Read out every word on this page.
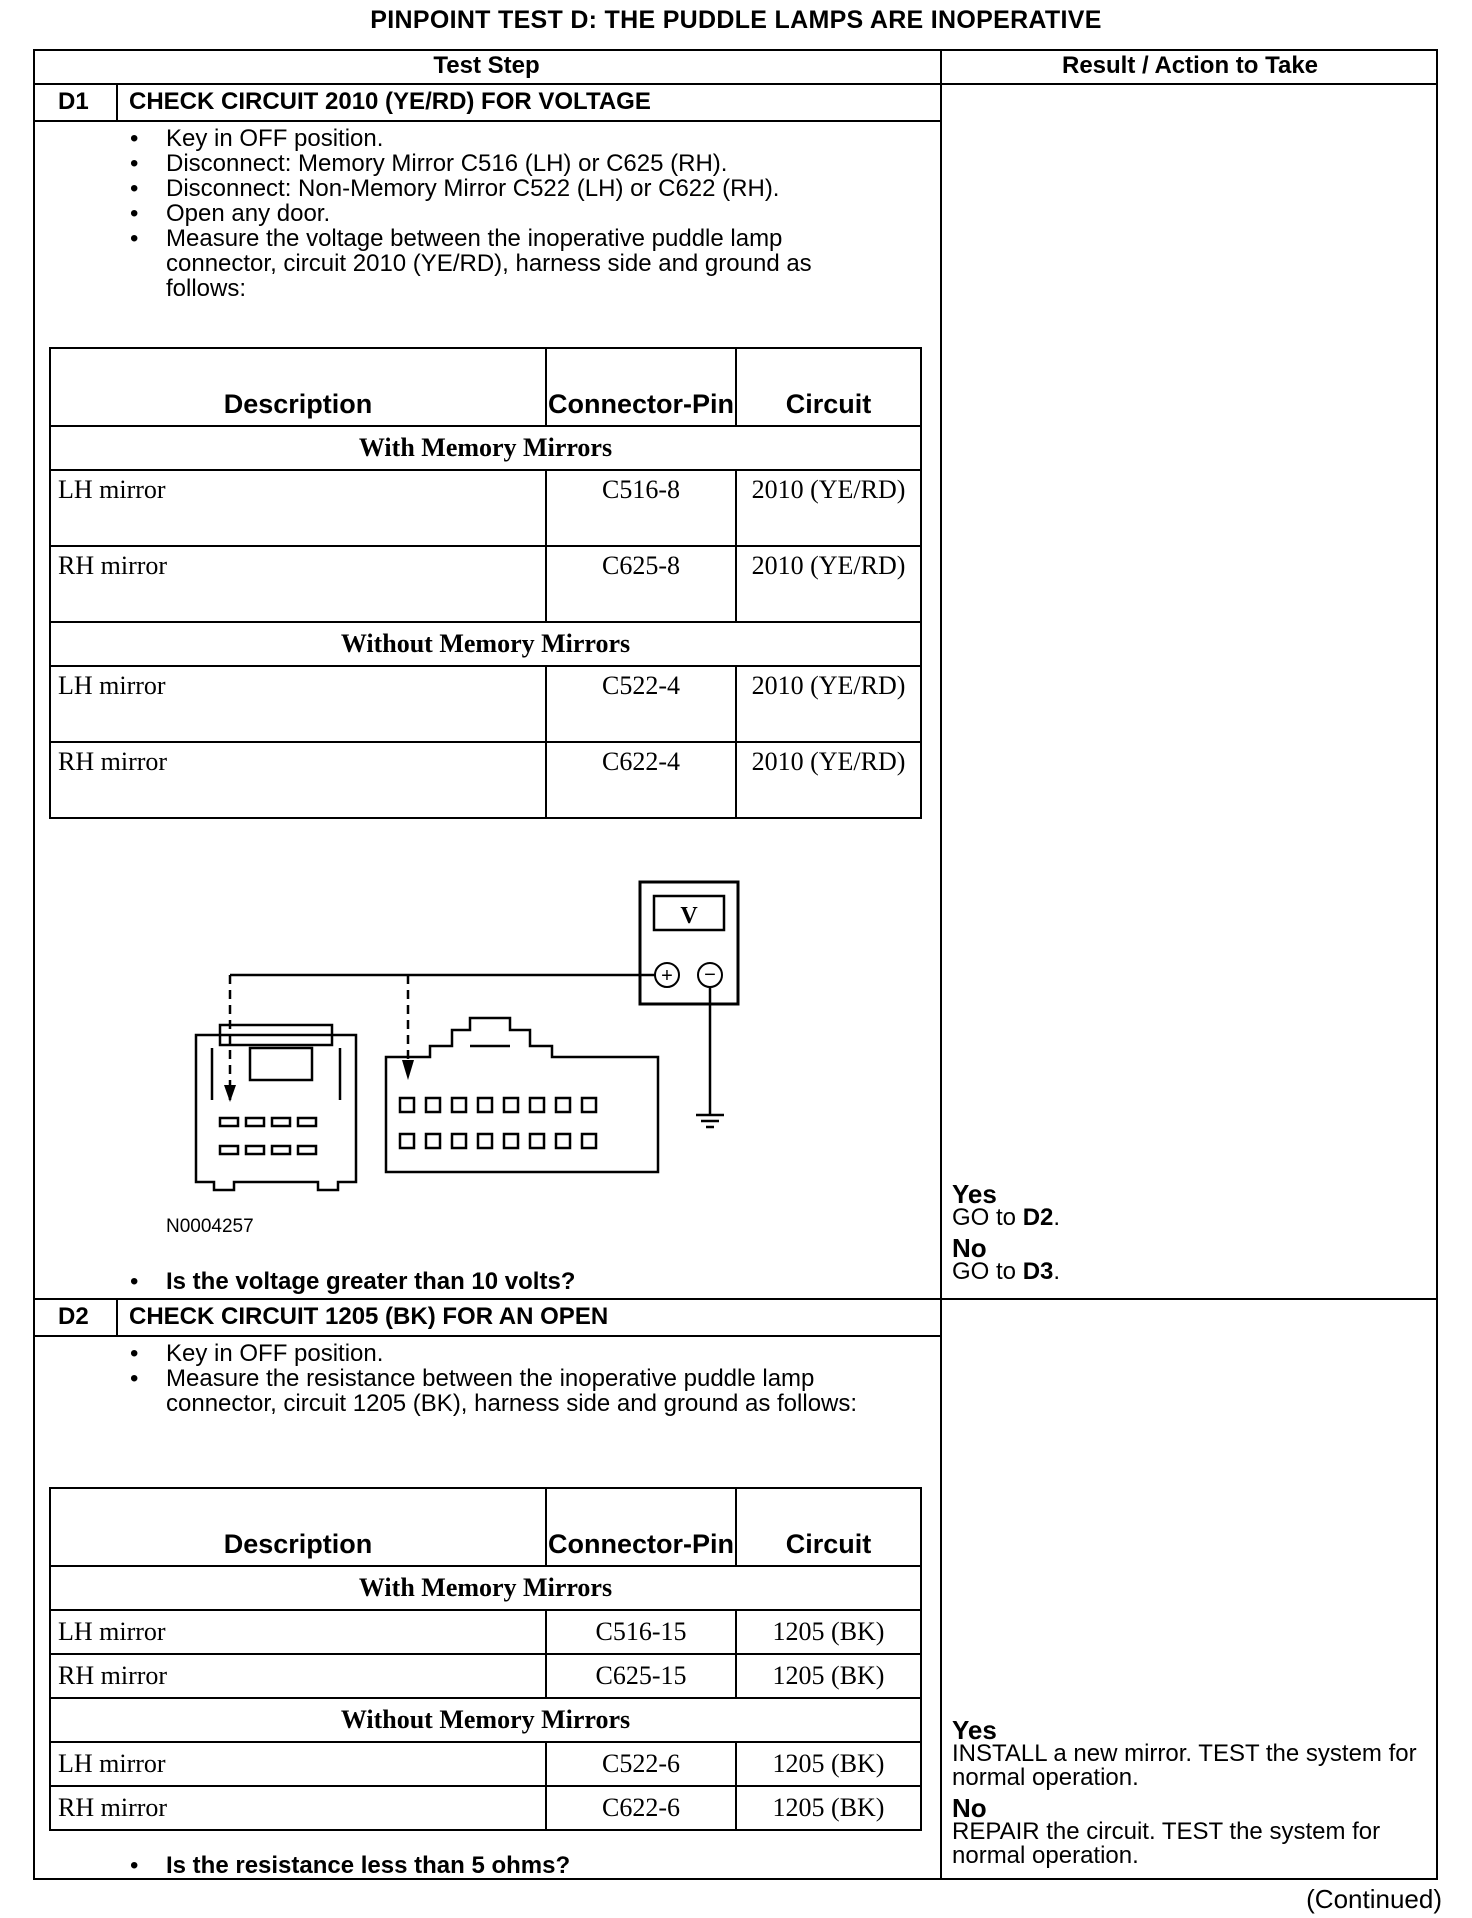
PINPOINT TEST D: THE PUDDLE LAMPS ARE INOPERATIVE
Test Step	Result / Action to Take
D1 CHECK CIRCUIT 2010 (YE/RD) FOR VOLTAGE
• Key in OFF position.
• Disconnect: Memory Mirror C516 (LH) or C625 (RH).
• Disconnect: Non-Memory Mirror C522 (LH) or C622 (RH).
• Open any door.
• Measure the voltage between the inoperative puddle lamp connector, circuit 2010 (YE/RD), harness side and ground as follows:
Description	Connector-Pin	Circuit
With Memory Mirrors		
LH mirror	C516-8	2010 (YE/RD)
RH mirror	C625-8	2010 (YE/RD)
Without Memory Mirrors		
LH mirror	C522-4	2010 (YE/RD)
RH mirror	C622-4	2010 (YE/RD)
V
+ −
N0004257
• Is the voltage greater than 10 volts?
Yes
GO to D2.
No
GO to D3.
D2 CHECK CIRCUIT 1205 (BK) FOR AN OPEN
• Key in OFF position.
• Measure the resistance between the inoperative puddle lamp connector, circuit 1205 (BK), harness side and ground as follows:
Description	Connector-Pin	Circuit
With Memory Mirrors		
LH mirror	C516-15	1205 (BK)
RH mirror	C625-15	1205 (BK)
Without Memory Mirrors		
LH mirror	C522-6	1205 (BK)
RH mirror	C622-6	1205 (BK)
• Is the resistance less than 5 ohms?
Yes
INSTALL a new mirror. TEST the system for normal operation.
No
REPAIR the circuit. TEST the system for normal operation.
(Continued)
